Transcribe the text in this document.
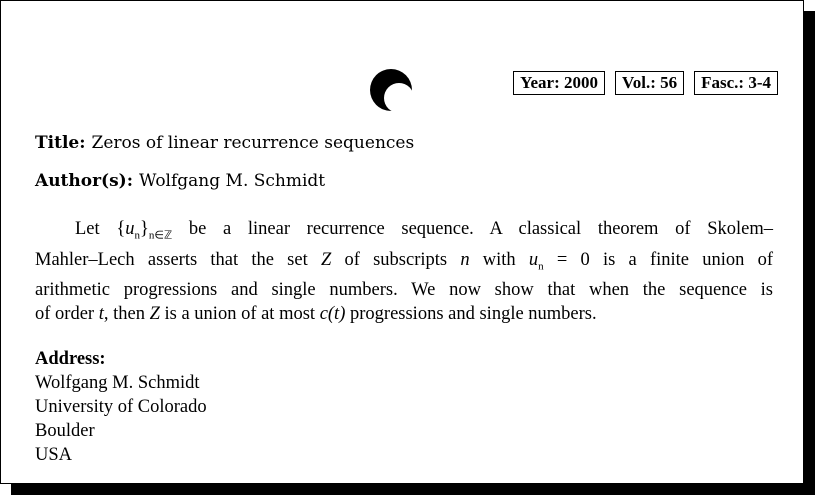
Year: 2000	Vol.: 56	Fasc.: 3-4
Title: Zeros of linear recurrence sequences
Author(s): Wolfgang M. Schmidt
Let $\{u_n\}_{n\in ℤ}$ be a linear recurrence sequence. A classical theorem of Skolem–
Mahler–Lech asserts that the set Z of subscripts n with $u_n = 0$ is a finite union of
arithmetic progressions and single numbers. We now show that when the sequence is
of order t, then Z is a union of at most c(t) progressions and single numbers.
Address:
Wolfgang M. Schmidt
University of Colorado
Boulder
USA
